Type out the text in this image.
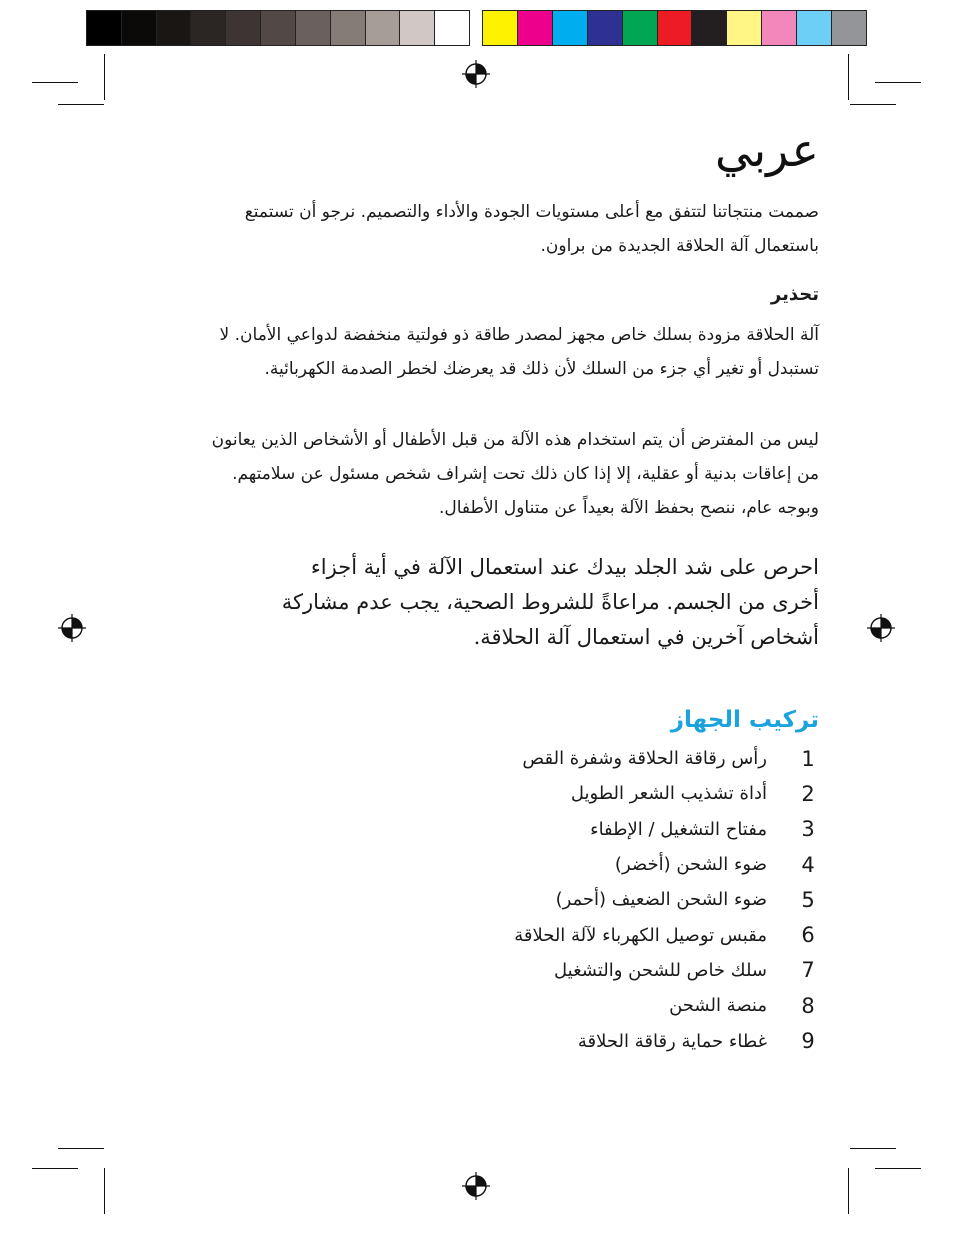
عربي

صممت منتجاتنا لتتفق مع أعلى مستويات الجودة والأداء والتصميم. نرجو أن تستمتع

باستعمال آلة الحلاقة الجديدة من براون.

تحذير

آلة الحلاقة مزودة بسلك خاص مجهز لمصدر طاقة ذو فولتية منخفضة لدواعي الأمان. لا

تستبدل أو تغير أي جزء من السلك لأن ذلك قد يعرضك لخطر الصدمة الكهربائية.

ليس من المفترض أن يتم استخدام هذه الآلة من قبل الأطفال أو الأشخاص الذين يعانون

من إعاقات بدنية أو عقلية، إلا إذا كان ذلك تحت إشراف شخص مسئول عن سلامتهم.

وبوجه عام، ننصح بحفظ الآلة بعيداً عن متناول الأطفال.

احرص على شد الجلد بيدك عند استعمال الآلة في أية أجزاء

أخرى من الجسم. مراعاةً للشروط الصحية، يجب عدم مشاركة

أشخاص آخرين في استعمال آلة الحلاقة.

تركيب الجهاز
1
رأس رقاقة الحلاقة وشفرة القص
2
أداة تشذيب الشعر الطويل
3
مفتاح التشغيل / الإطفاء
4
ضوء الشحن (أخضر)
5
ضوء الشحن الضعيف (أحمر)
6
مقبس توصيل الكهرباء لآلة الحلاقة
7
سلك خاص للشحن والتشغيل
8
منصة الشحن
9
غطاء حماية رقاقة الحلاقة
